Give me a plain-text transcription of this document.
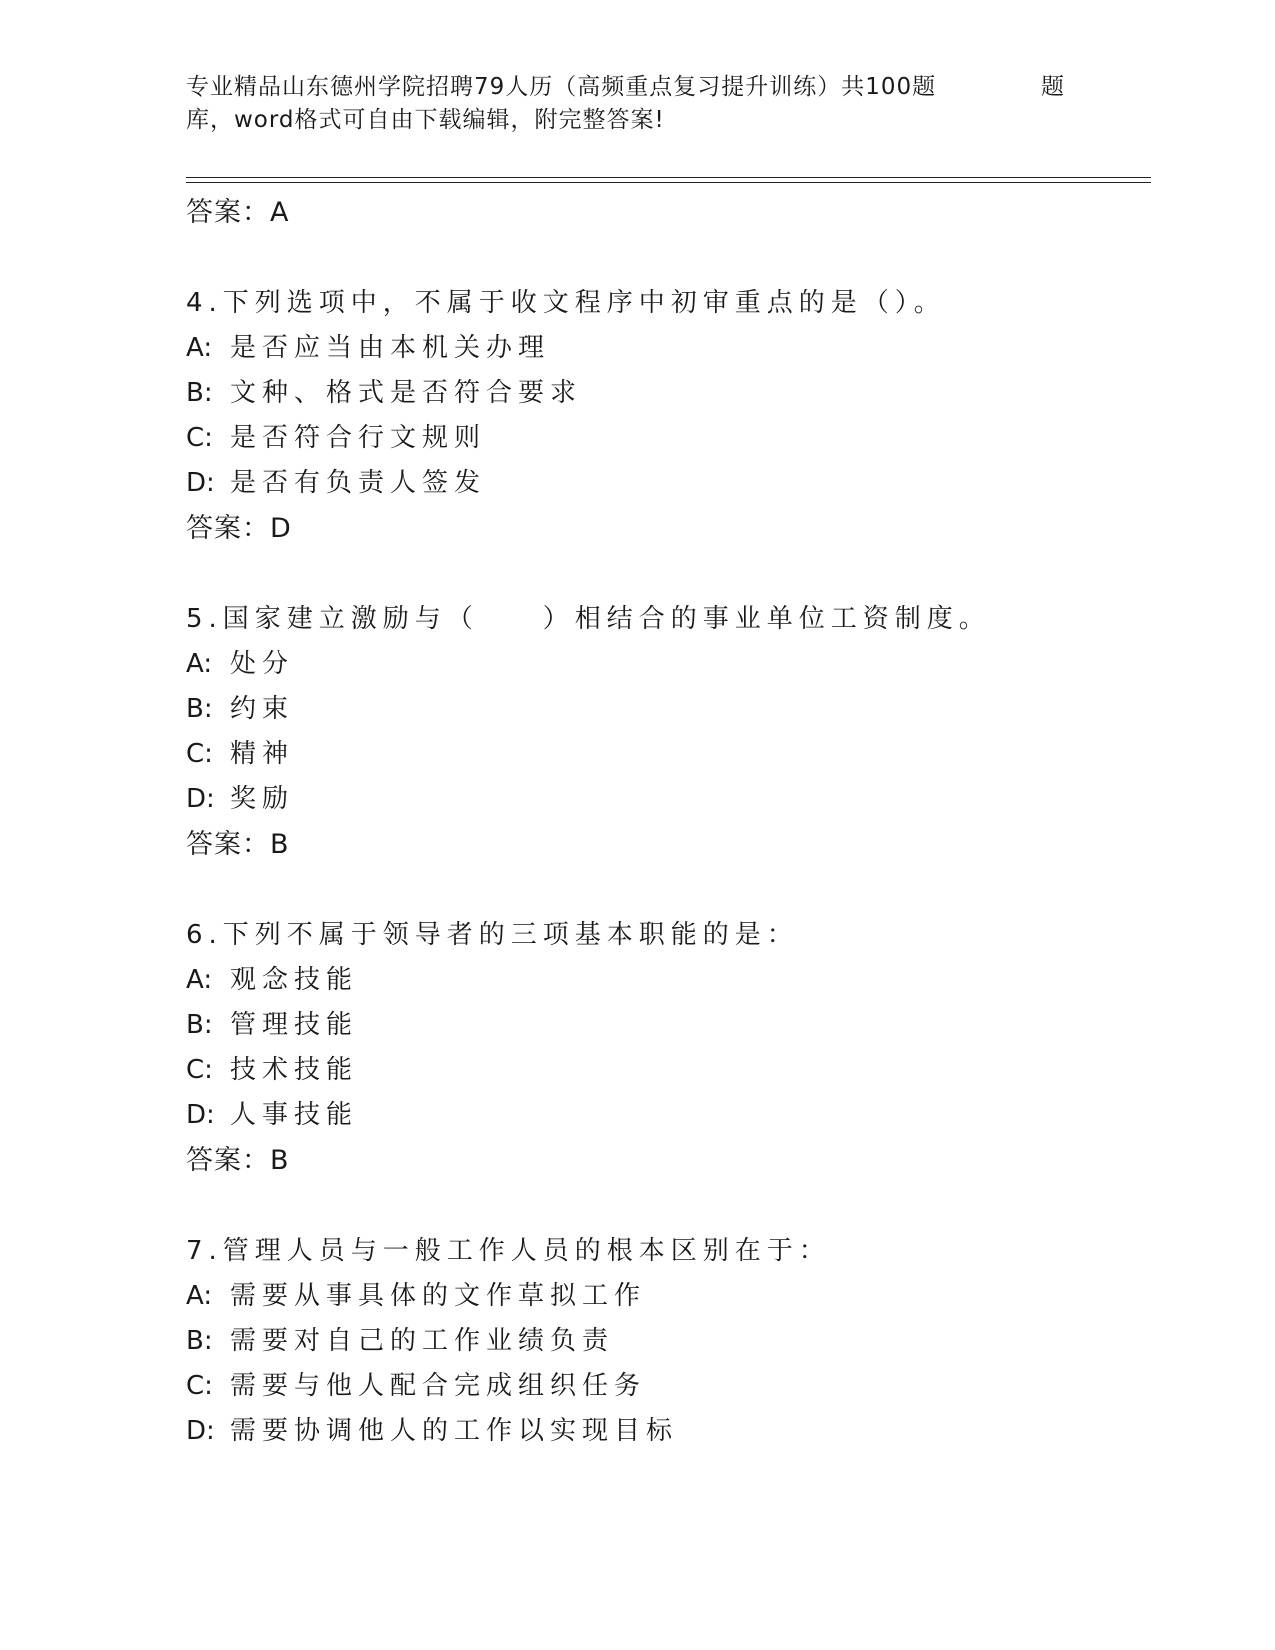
专业精品山东德州学院招聘79人历（高频重点复习提升训练）共100题	题
库，word格式可自由下载编辑，附完整答案!
答案：A
4.下列选项中，不属于收文程序中初审重点的是（）。
A: 是否应当由本机关办理
B: 文种、格式是否符合要求
C: 是否符合行文规则
D: 是否有负责人签发
答案：D
5.国家建立激励与（　　）相结合的事业单位工资制度。
A: 处分
B: 约束
C: 精神
D: 奖励
答案：B
6.下列不属于领导者的三项基本职能的是：
A: 观念技能
B: 管理技能
C: 技术技能
D: 人事技能
答案：B
7.管理人员与一般工作人员的根本区别在于：
A: 需要从事具体的文作草拟工作
B: 需要对自己的工作业绩负责
C: 需要与他人配合完成组织任务
D: 需要协调他人的工作以实现目标
